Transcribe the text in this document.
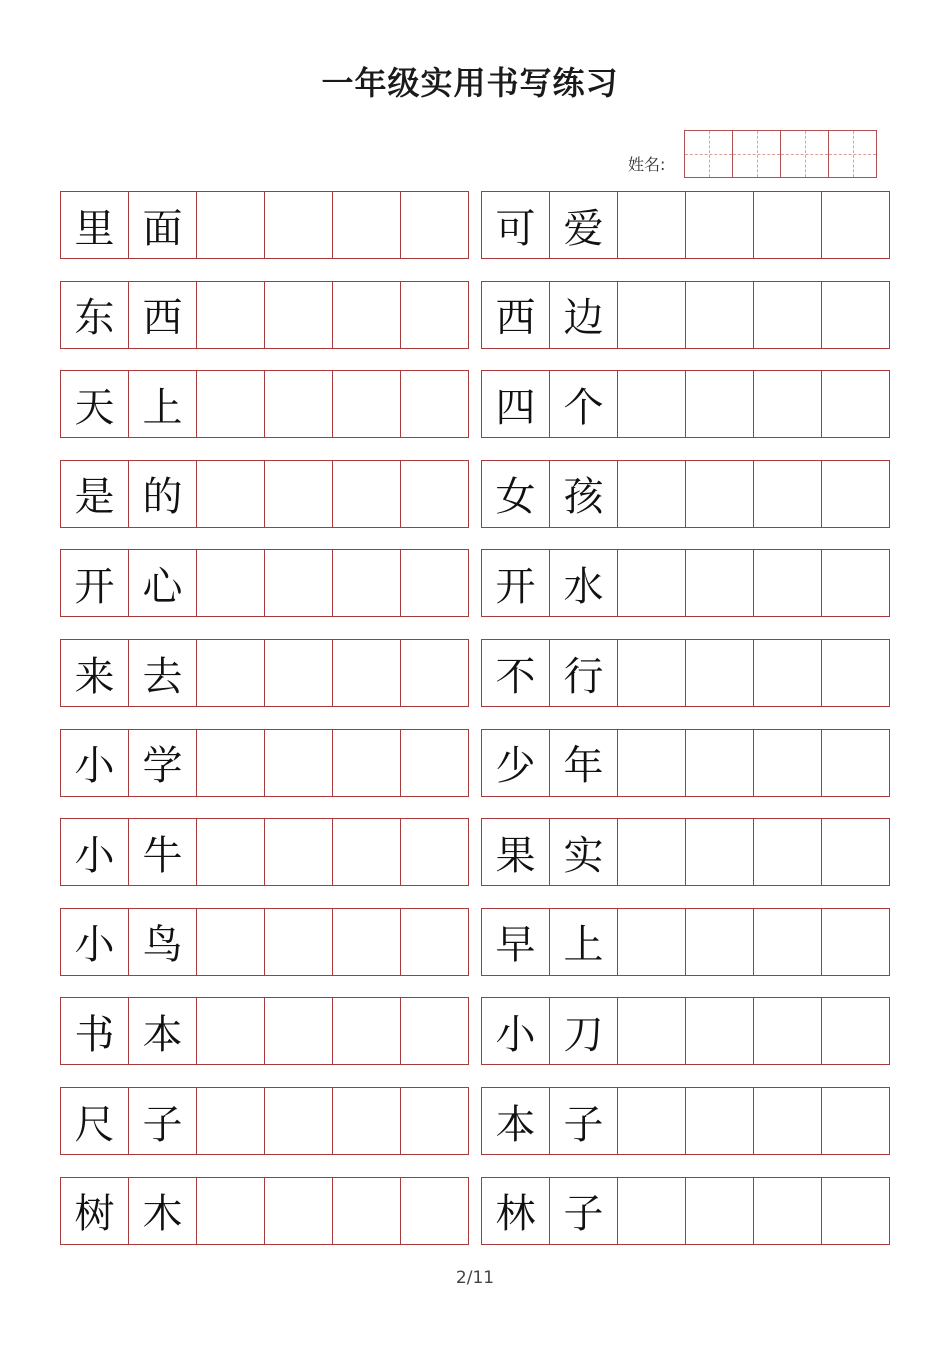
一年级实用书写练习
姓名:
里 面	可 爱
东 西	西 边
天 上	四 个
是 的	女 孩
开 心	开 水
来 去	不 行
小 学	少 年
小 牛	果 实
小 鸟	早 上
书 本	小 刀
尺 子	本 子
树 木	林 子
2/11
